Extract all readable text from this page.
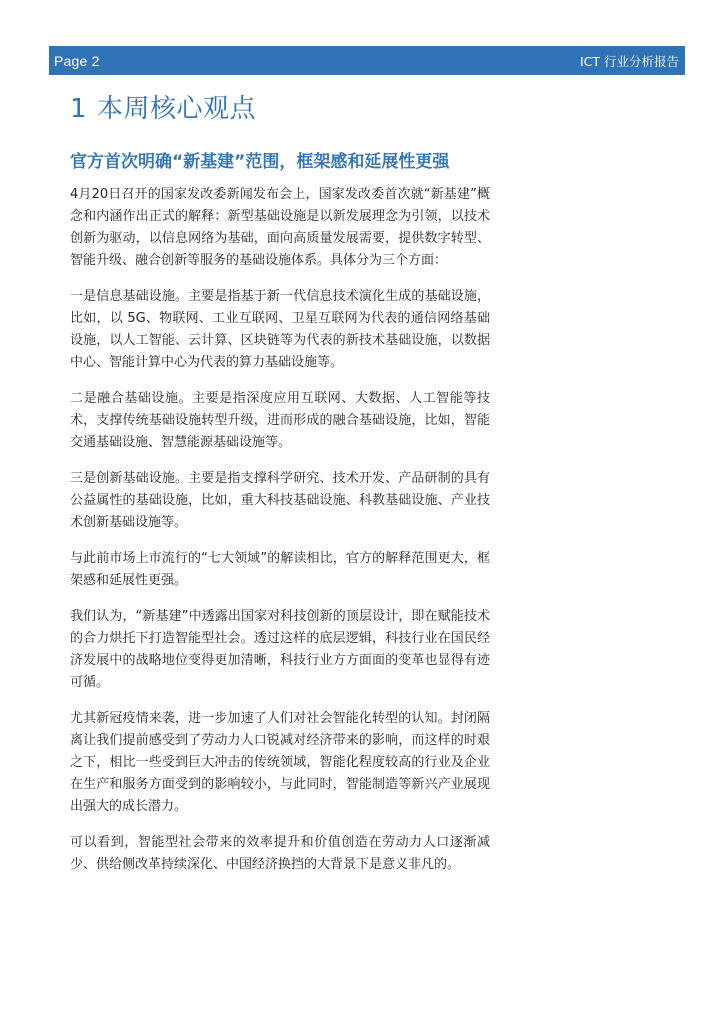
Page 2	ICT 行业分析报告
1 本周核心观点
官方首次明确“新基建”范围，框架感和延展性更强

4月20日召开的国家发改委新闻发布会上，国家发改委首次就“新基建”概念和内涵作出正式的解释：新型基础设施是以新发展理念为引领，以技术创新为驱动，以信息网络为基础，面向高质量发展需要，提供数字转型、智能升级、融合创新等服务的基础设施体系。具体分为三个方面：

一是信息基础设施。主要是指基于新一代信息技术演化生成的基础设施，比如，以 5G、物联网、工业互联网、卫星互联网为代表的通信网络基础设施，以人工智能、云计算、区块链等为代表的新技术基础设施，以数据中心、智能计算中心为代表的算力基础设施等。

二是融合基础设施。主要是指深度应用互联网、大数据、人工智能等技术，支撑传统基础设施转型升级，进而形成的融合基础设施，比如，智能交通基础设施、智慧能源基础设施等。

三是创新基础设施。主要是指支撑科学研究、技术开发、产品研制的具有公益属性的基础设施，比如，重大科技基础设施、科教基础设施、产业技术创新基础设施等。

与此前市场上市流行的“七大领域”的解读相比，官方的解释范围更大，框架感和延展性更强。

我们认为，“新基建”中透露出国家对科技创新的顶层设计，即在赋能技术的合力烘托下打造智能型社会。透过这样的底层逻辑，科技行业在国民经济发展中的战略地位变得更加清晰，科技行业方方面面的变革也显得有迹可循。

尤其新冠疫情来袭，进一步加速了人们对社会智能化转型的认知。封闭隔离让我们提前感受到了劳动力人口锐减对经济带来的影响，而这样的时艰之下，相比一些受到巨大冲击的传统领域，智能化程度较高的行业及企业在生产和服务方面受到的影响较小，与此同时，智能制造等新兴产业展现出强大的成长潜力。

可以看到，智能型社会带来的效率提升和价值创造在劳动力人口逐渐减少、供给侧改革持续深化、中国经济换挡的大背景下是意义非凡的。
